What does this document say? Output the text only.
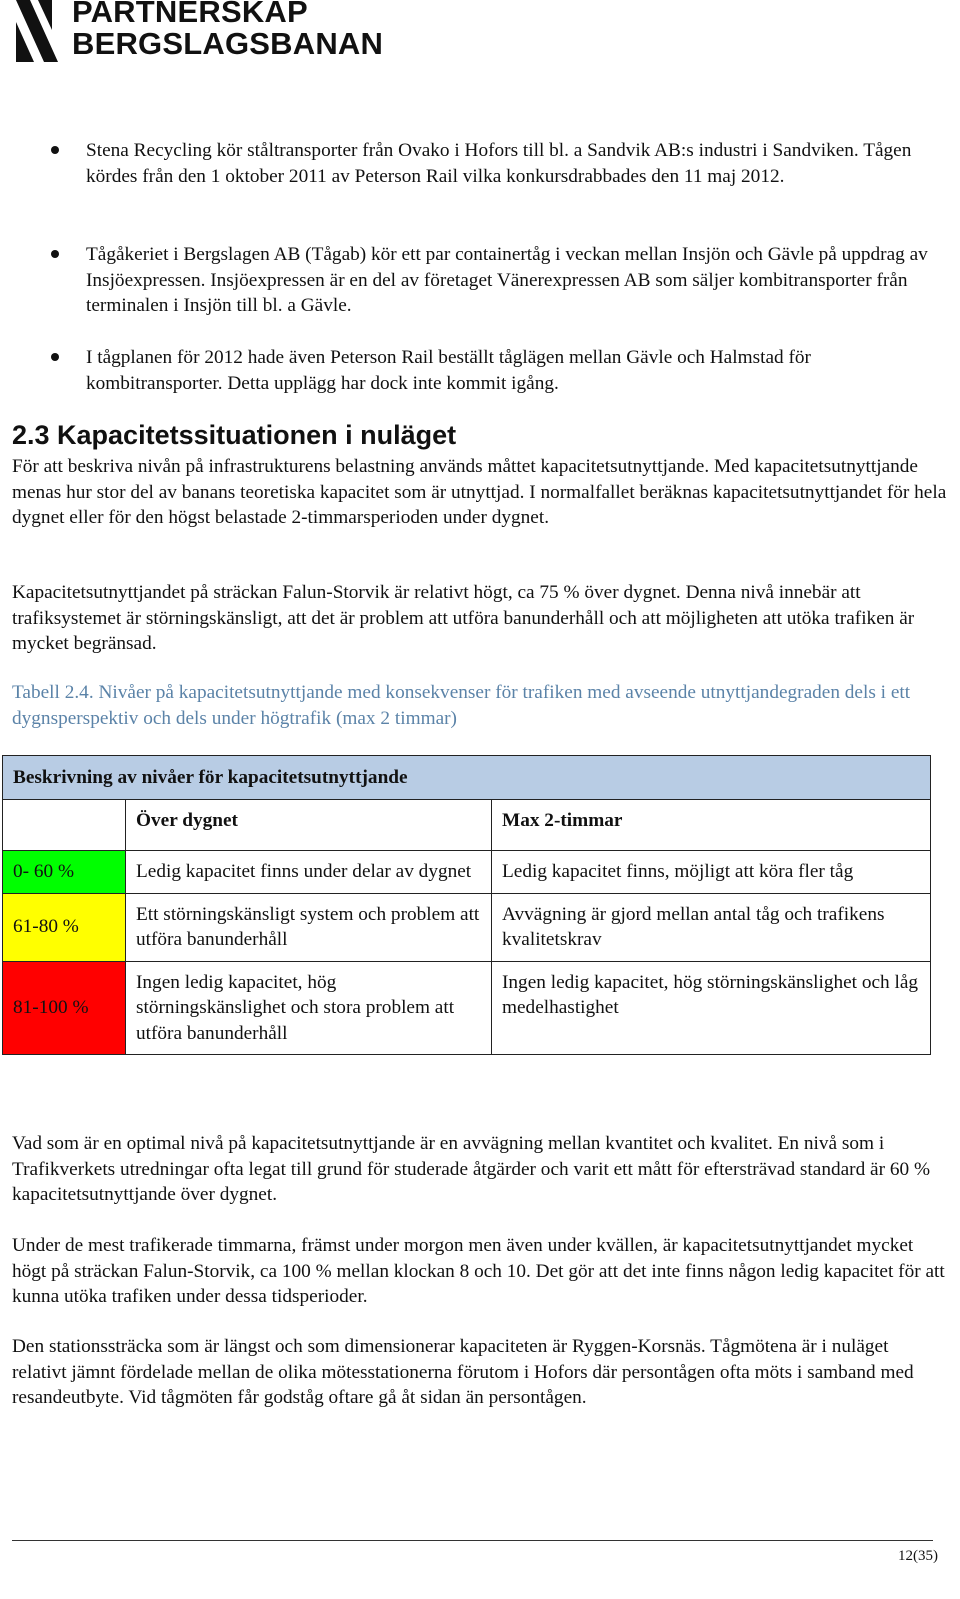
PARTNERSKAP
BERGSLAGSBANAN
Stena Recycling kör ståltransporter från Ovako i Hofors till bl. a Sandvik AB:s industri i Sandviken. Tågen kördes från den 1 oktober 2011 av Peterson Rail vilka konkursdrabbades den 11 maj 2012.
Tågåkeriet i Bergslagen AB (Tågab) kör ett par containertåg i veckan mellan Insjön och Gävle på uppdrag av Insjöexpressen. Insjöexpressen är en del av företaget Vänerexpressen AB som säljer kombitransporter från terminalen i Insjön till bl. a Gävle.
I tågplanen för 2012 hade även Peterson Rail beställt tåglägen mellan Gävle och Halmstad för kombitransporter. Detta upplägg har dock inte kommit igång.
2.3 Kapacitetssituationen i nuläget
För att beskriva nivån på infrastrukturens belastning används måttet kapacitetsutnyttjande. Med kapacitetsutnyttjande menas hur stor del av banans teoretiska kapacitet som är utnyttjad. I normalfallet beräknas kapacitetsutnyttjandet för hela dygnet eller för den högst belastade 2-timmarsperioden under dygnet.
Kapacitetsutnyttjandet på sträckan Falun-Storvik är relativt högt, ca 75 % över dygnet. Denna nivå innebär att trafiksystemet är störningskänsligt, att det är problem att utföra banunderhåll och att möjligheten att utöka trafiken är mycket begränsad.
Tabell 2.4. Nivåer på kapacitetsutnyttjande med konsekvenser för trafiken med avseende utnyttjandegraden dels i ett dygnsperspektiv och dels under högtrafik (max 2 timmar)
Beskrivning av nivåer för kapacitetsutnyttjande		
	Över dygnet	Max 2-timmar
0- 60 %	Ledig kapacitet finns under delar av dygnet	Ledig kapacitet finns, möjligt att köra fler tåg
61-80 %	Ett störningskänsligt system och problem att utföra banunderhåll	Avvägning är gjord mellan antal tåg och trafikens kvalitetskrav
81-100 %	Ingen ledig kapacitet, hög störningskänslighet och stora problem att utföra banunderhåll	Ingen ledig kapacitet, hög störningskänslighet och låg medelhastighet
Vad som är en optimal nivå på kapacitetsutnyttjande är en avvägning mellan kvantitet och kvalitet. En nivå som i Trafikverkets utredningar ofta legat till grund för studerade åtgärder och varit ett mått för eftersträvad standard är 60 % kapacitetsutnyttjande över dygnet.
Under de mest trafikerade timmarna, främst under morgon men även under kvällen, är kapacitetsutnyttjandet mycket högt på sträckan Falun-Storvik, ca 100 % mellan klockan 8 och 10. Det gör att det inte finns någon ledig kapacitet för att kunna utöka trafiken under dessa tidsperioder.
Den stationssträcka som är längst och som dimensionerar kapaciteten är Ryggen-Korsnäs. Tågmötena är i nuläget relativt jämnt fördelade mellan de olika mötesstationerna förutom i Hofors där persontågen ofta möts i samband med resandeutbyte. Vid tågmöten får godståg oftare gå åt sidan än persontågen.
12(35)
